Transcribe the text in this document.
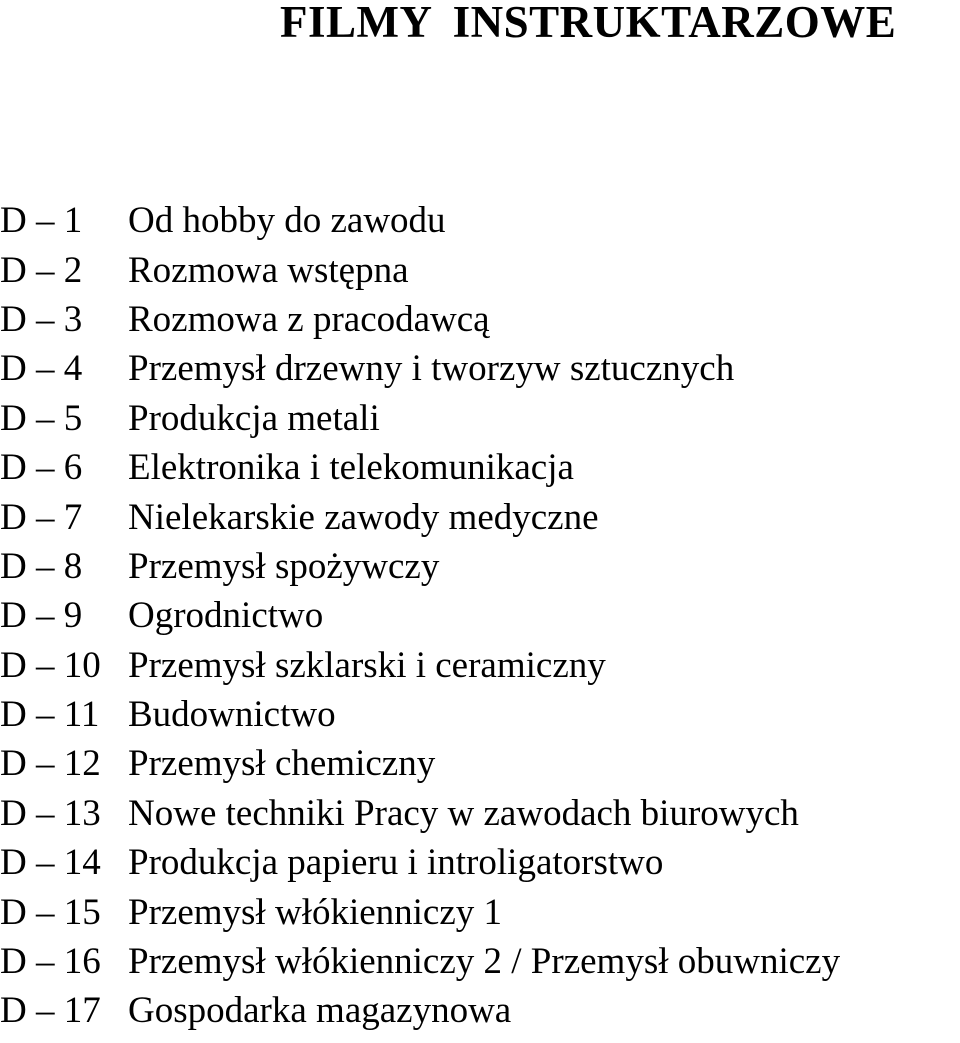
FILMY INSTRUKTARZOWE
D – 1	Od hobby do zawodu
D – 2	Rozmowa wstępna
D – 3	Rozmowa z pracodawcą
D – 4	Przemysł drzewny i tworzyw sztucznych
D – 5	Produkcja metali
D – 6	Elektronika i telekomunikacja
D – 7	Nielekarskie zawody medyczne
D – 8	Przemysł spożywczy
D – 9	Ogrodnictwo
D – 10 Przemysł szklarski i ceramiczny
D – 11 Budownictwo
D – 12 Przemysł chemiczny
D – 13 Nowe techniki Pracy w zawodach biurowych
D – 14 Produkcja papieru i introligatorstwo
D – 15 Przemysł włókienniczy 1
D – 16 Przemysł włókienniczy 2 / Przemysł obuwniczy
D – 17 Gospodarka magazynowa
